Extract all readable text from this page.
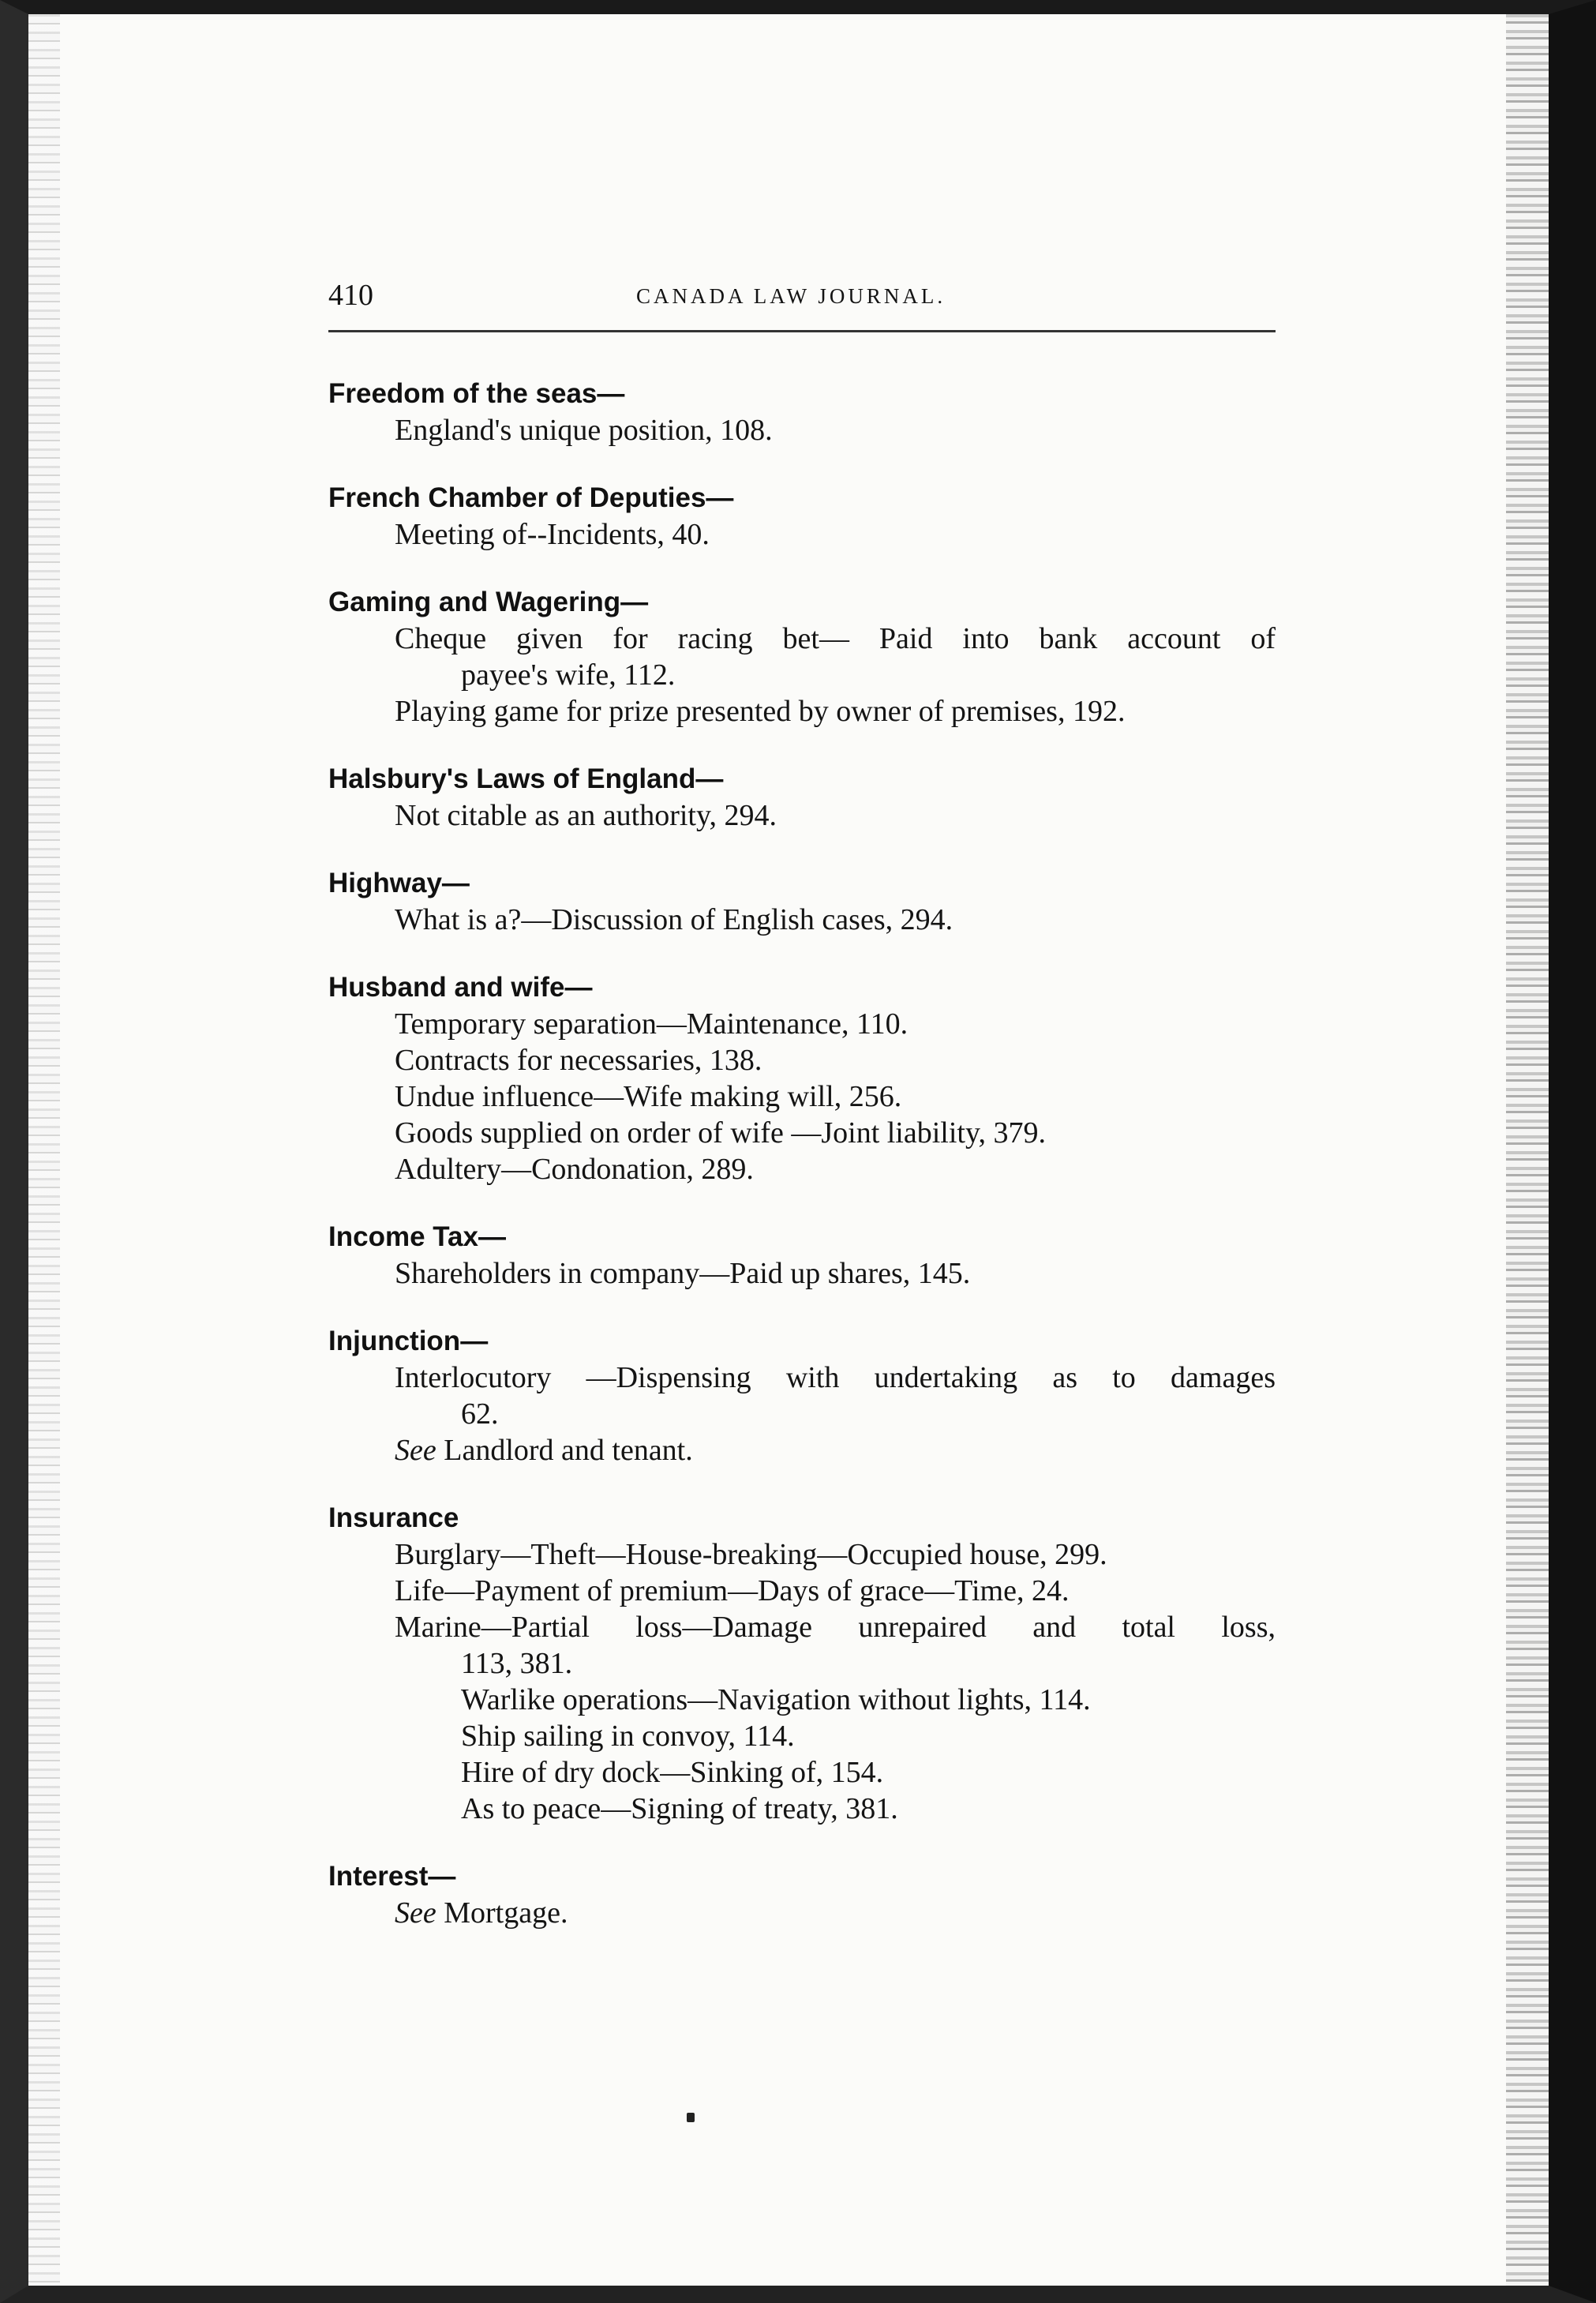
410	CANADA LAW JOURNAL.
Freedom of the seas—
England's unique position, 108.
French Chamber of Deputies—
Meeting of--Incidents, 40.
Gaming and Wagering—
Cheque given for racing bet— Paid into bank account of
payee's wife, 112.
Playing game for prize presented by owner of premises, 192.
Halsbury's Laws of England—
Not citable as an authority, 294.
Highway—
What is a?—Discussion of English cases, 294.
Husband and wife—
Temporary separation—Maintenance, 110.
Contracts for necessaries, 138.
Undue influence—Wife making will, 256.
Goods supplied on order of wife —Joint liability, 379.
Adultery—Condonation, 289.
Income Tax—
Shareholders in company—Paid up shares, 145.
Injunction—
Interlocutory —Dispensing with undertaking as to damages
62.
See Landlord and tenant.
Insurance
Burglary—Theft—House-breaking—Occupied house, 299.
Life—Payment of premium—Days of grace—Time, 24.
Marine—Partial loss—Damage unrepaired and total loss,
113, 381.
Warlike operations—Navigation without lights, 114.
Ship sailing in convoy, 114.
Hire of dry dock—Sinking of, 154.
As to peace—Signing of treaty, 381.
Interest—
See Mortgage.
